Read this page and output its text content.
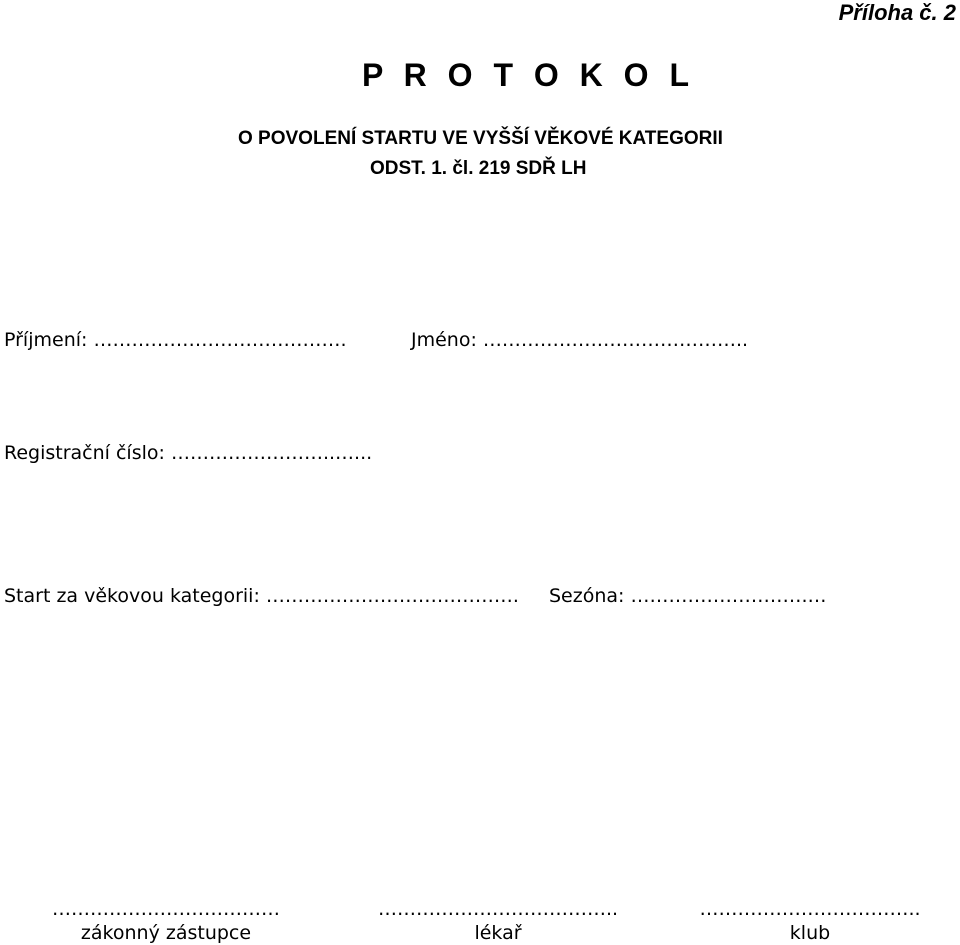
Příloha č. 2
P R O T O K O L
O POVOLENÍ STARTU VE VYŠŠÍ VĚKOVÉ KATEGORII
ODST. 1. čl. 219 SDŘ LH
Příjmení: ………………………………….	Jméno: ……………….…………………..
Registrační číslo: ……………………..…...
Start za věkovou kategorii: …………………………………. Sezóna: ……………………….…
………………………………	………………………………..	……………………………..
zákonný zástupce	lékař	klub
